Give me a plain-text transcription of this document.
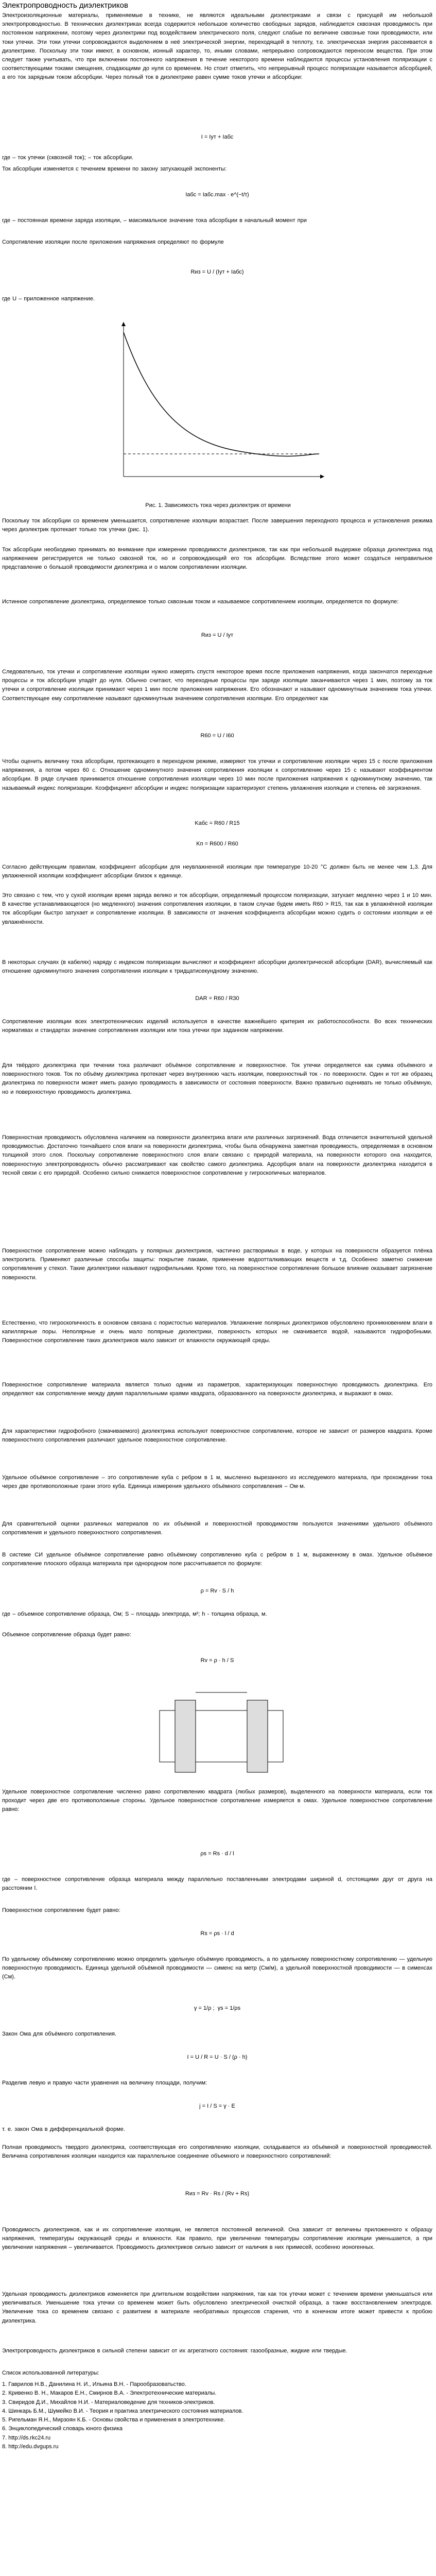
Электропроводность диэлектриков
Электроизоляционные материалы, применяемые в технике, не являются идеальными диэлектриками и связи с присущей им небольшой электропроводностью. В технических диэлектриках всегда содержится небольшое количество свободных зарядов, наблюдается сквозная проводимость при постоянном напряжении, поэтому через диэлектрики под воздействием электрического поля, следуют слабые по величине сквозные токи проводимости, или токи утечки. Эти токи утечки сопровождаются выделением в неё электрической энергии, переходящей в теплоту, т.е. электрическая энергия рассеивается в диэлектрике. Поскольку эти токи имеют, в основном, ионный характер, то, иными словами, непрерывно сопровождаются переносом вещества. При этом следует также учитывать, что при включении постоянного напряжения в течение некоторого времени наблюдаются процессы установления поляризации с соответствующими токами смещения, спадающими до нуля со временем. Но стоит отметить, что непрерывный процесс поляризации называется абсорбцией, а его ток зарядным током абсорбции. Через полный ток в диэлектрике равен сумме токов утечки и абсорбции:
I = Iут + Iабс
где – ток утечки (сквозной ток); – ток абсорбции.
Ток абсорбции изменяется с течением времени по закону затухающей экспоненты:
Iабс = Iабс.max · e^(−t/τ)
где – постоянная времени заряда изоляции, – максимальное значение тока абсорбции в начальный момент при
Сопротивление изоляции после приложения напряжения определяют по формуле
Rиз = U / (Iут + Iабс)
где U – приложенное напряжение.
Рис. 1. Зависимость тока через диэлектрик от времени
Поскольку ток абсорбции со временем уменьшается, сопротивление изоляции возрастает. После завершения переходного процесса и установления режима через диэлектрик протекает только ток утечки (рис. 1).
Ток абсорбции необходимо принимать во внимание при измерении проводимости диэлектриков, так как при небольшой выдержке образца диэлектрика под напряжением регистрируется не только сквозной ток, но и сопровождающий его ток абсорбции. Вследствие этого может создаться неправильное представление о большой проводимости диэлектрика и о малом сопротивлении изоляции.
Истинное сопротивление диэлектрика, определяемое только сквозным током и называемое сопротивлением изоляции, определяется по формуле:
Rиз = U / Iут
Следовательно, ток утечки и сопротивление изоляции нужно измерять спустя некоторое время после приложения напряжения, когда закончатся переходные процессы и ток абсорбции упадёт до нуля. Обычно считают, что переходные процессы при заряде изоляции заканчиваются через 1 мин, поэтому за ток утечки и сопротивление изоляции принимают через 1 мин после приложения напряжения. Его обозначают и называют одноминутным значением тока утечки. Соответствующее ему сопротивление называют одноминутным значением сопротивления изоляции. Его определяют как
R60 = U / I60
Чтобы оценить величину тока абсорбции, протекающего в переходном режиме, измеряют ток утечки и сопротивление изоляции через 15 с после приложения напряжения, а потом через 60 с. Отношение одноминутного значения сопротивления изоляции к сопротивлению через 15 с называют коэффициентом абсорбции. В ряде случаев принимается отношение сопротивления изоляции через 10 мин после приложения напряжения к одноминутному значению, так называемый индекс поляризации. Коэффициент абсорбции и индекс поляризации характеризуют степень увлажнения изоляции и степень её загрязнения.
Kабс = R60 / R15
Kп = R600 / R60
Согласно действующим правилам, коэффициент абсорбции для неувлажненной изоляции при температуре 10-20 °С должен быть не менее чем 1,3. Для увлажненной изоляции коэффициент абсорбции близок к единице.
Это связано с тем, что у сухой изоляции время заряда велико и ток абсорбции, определяемый процессом поляризации, затухает медленно через 1 и 10 мин. В качестве устанавливающегося (но медленного) значения сопротивления изоляции, в таком случае будем иметь R60 > R15, так как в увлажнённой изоляции ток абсорбции быстро затухает и сопротивление изоляции. В зависимости от значения коэффициента абсорбции можно судить о состоянии изоляции и её увлажнённости.
В некоторых случаях (в кабелях) наряду с индексом поляризации вычисляют и коэффициент абсорбции диэлектрической абсорбции (DAR), вычисляемый как отношение одноминутного значения сопротивления изоляции к тридцатисекундному значению.
DAR = R60 / R30
Сопротивление изоляции всех электротехнических изделий используется в качестве важнейшего критерия их работоспособности. Во всех технических нормативах и стандартах значение сопротивления изоляции или тока утечки при заданном напряжении.
Для твёрдого диэлектрика при течении тока различают объёмное сопротивление и поверхностное. Ток утечки определяется как сумма объёмного и поверхностного токов. Ток по объёму диэлектрика протекает через внутреннюю часть изоляции, поверхностный ток - по поверхности. Один и тот же образец диэлектрика по поверхности может иметь разную проводимость в зависимости от состояния поверхности. Важно правильно оценивать не только объёмную, но и поверхностную проводимость диэлектрика.
Поверхностная проводимость обусловлена наличием на поверхности диэлектрика влаги или различных загрязнений. Вода отличается значительной удельной проводимостью. Достаточно тончайшего слоя влаги на поверхности диэлектрика, чтобы была обнаружена заметная проводимость, определяемая в основном толщиной этого слоя. Поскольку сопротивление поверхностного слоя влаги связано с природой материала, на поверхности которого она находится, поверхностную электропроводность обычно рассматривают как свойство самого диэлектрика. Адсорбция влаги на поверхности диэлектрика находится в тесной связи с его природой. Особенно сильно снижается поверхностное сопротивление у гигроскопичных материалов.
Поверхностное сопротивление можно наблюдать у полярных диэлектриков, частично растворимых в воде, у которых на поверхности образуется плёнка электролита. Применяют различные способы защиты: покрытие лаками, применение водоотталкивающих веществ и т.д. Особенно заметно снижение сопротивления у стекол. Такие диэлектрики называют гидрофильными. Кроме того, на поверхностное сопротивление большое влияние оказывает загрязнение поверхности.
Естественно, что гигроскопичность в основном связана с пористостью материалов. Увлажнение полярных диэлектриков обусловлено проникновением влаги в капиллярные поры. Неполярные и очень мало полярные диэлектрики, поверхность которых не смачивается водой, называются гидрофобными. Поверхностное сопротивление таких диэлектриков мало зависит от влажности окружающей среды.
Поверхностное сопротивление материала является только одним из параметров, характеризующих поверхностную проводимость диэлектрика. Его определяют как сопротивление между двумя параллельными краями квадрата, образованного на поверхности диэлектрика, и выражают в омах.
Для характеристики гидрофобного (смачиваемого) диэлектрика используют поверхностное сопротивление, которое не зависит от размеров квадрата. Кроме поверхностного сопротивления различают удельное поверхностное сопротивление.
Удельное объёмное сопротивление – это сопротивление куба с ребром в 1 м, мысленно вырезанного из исследуемого материала, при прохождении тока через две противоположные грани этого куба. Единица измерения удельного объёмного сопротивления – Ом·м.
Для сравнительной оценки различных материалов по их объёмной и поверхностной проводимостям пользуются значениями удельного объёмного сопротивления и удельного поверхностного сопротивления.
В системе СИ удельное объёмное сопротивление равно объёмному сопротивлению куба с ребром в 1 м, выраженному в омах. Удельное объёмное сопротивление плоского образца материала при однородном поле рассчитывается по формуле:
ρ = Rv · S / h
где – объемное сопротивление образца, Ом; S – площадь электрода, м²; h - толщина образца, м.
Объемное сопротивление образца будет равно:
Rv = ρ · h / S
Удельное поверхностное сопротивление численно равно сопротивлению квадрата (любых размеров), выделенного на поверхности материала, если ток проходит через две его противоположные стороны. Удельное поверхностное сопротивление измеряется в омах. Удельное поверхностное сопротивление равно:
ρs = Rs · d / l
где – поверхностное сопротивление образца материала между параллельно поставленными электродами шириной d, отстоящими друг от друга на расстоянии l.
Поверхностное сопротивление будет равно:
Rs = ρs · l / d
По удельному объёмному сопротивлению можно определить удельную объёмную проводимость, а по удельному поверхностному сопротивлению — удельную поверхностную проводимость. Единица удельной объёмной проводимости — сименс на метр (См/м), а удельной поверхностной проводимости — в сименсах (См).
γ = 1/ρ ;  γs = 1/ρs
Закон Ома для объёмного сопротивления.
I = U / R = U · S / (ρ · h)
Разделив левую и правую части уравнения на величину площади, получим:
j = I / S = γ · E
т. е. закон Ома в дифференциальной форме.
Полная проводимость твердого диэлектрика, соответствующая его сопротивлению изоляции, складывается из объёмной и поверхностной проводимостей. Величина сопротивления изоляции находится как параллельное соединение объемного и поверхностного сопротивлений:
Rиз = Rv · Rs / (Rv + Rs)
Проводимость диэлектриков, как и их сопротивление изоляции, не является постоянной величиной. Она зависит от величины приложенного к образцу напряжения, температуры окружающей среды и влажности. Как правило, при увеличении температуры сопротивление изоляции уменьшается, а при увеличении напряжения – увеличивается. Проводимость диэлектриков сильно зависит от наличия в них примесей, особенно ионогенных.
Удельная проводимость диэлектриков изменяется при длительном воздействии напряжения, так как ток утечки может с течением времени уменьшаться или увеличиваться. Уменьшение тока утечки со временем может быть обусловлено электрической очисткой образца, а также восстановлением электродов. Увеличение тока со временем связано с развитием в материале необратимых процессов старения, что в конечном итоге может привести к пробою диэлектрика.
Электропроводность диэлектриков в сильной степени зависит от их агрегатного состояния: газообразные, жидкие или твердые.
Список использованной литературы:
1. Гаврилов Н.В., Данилина Н. И., Ильина В.Н. - Парообразоватьство.
2. Кривенко В. Н., Макаров Е.Н., Смирнов В.А. - Электротехнические материалы.
3. Свиридов Д.И., Михайлов Н.И. - Материаловедение для техников-электриков.
4. Шинкарь Б.М., Шумейко В.И. - Теория и практика электрического состояния материалов.
5. Ригельман Я.Н., Мирзоян К.Б. - Основы свойства и применения в электротехнике.
6. Энциклопедический словарь юного физика
7. http://ds.rkc24.ru
8. http://edu.dvgups.ru
